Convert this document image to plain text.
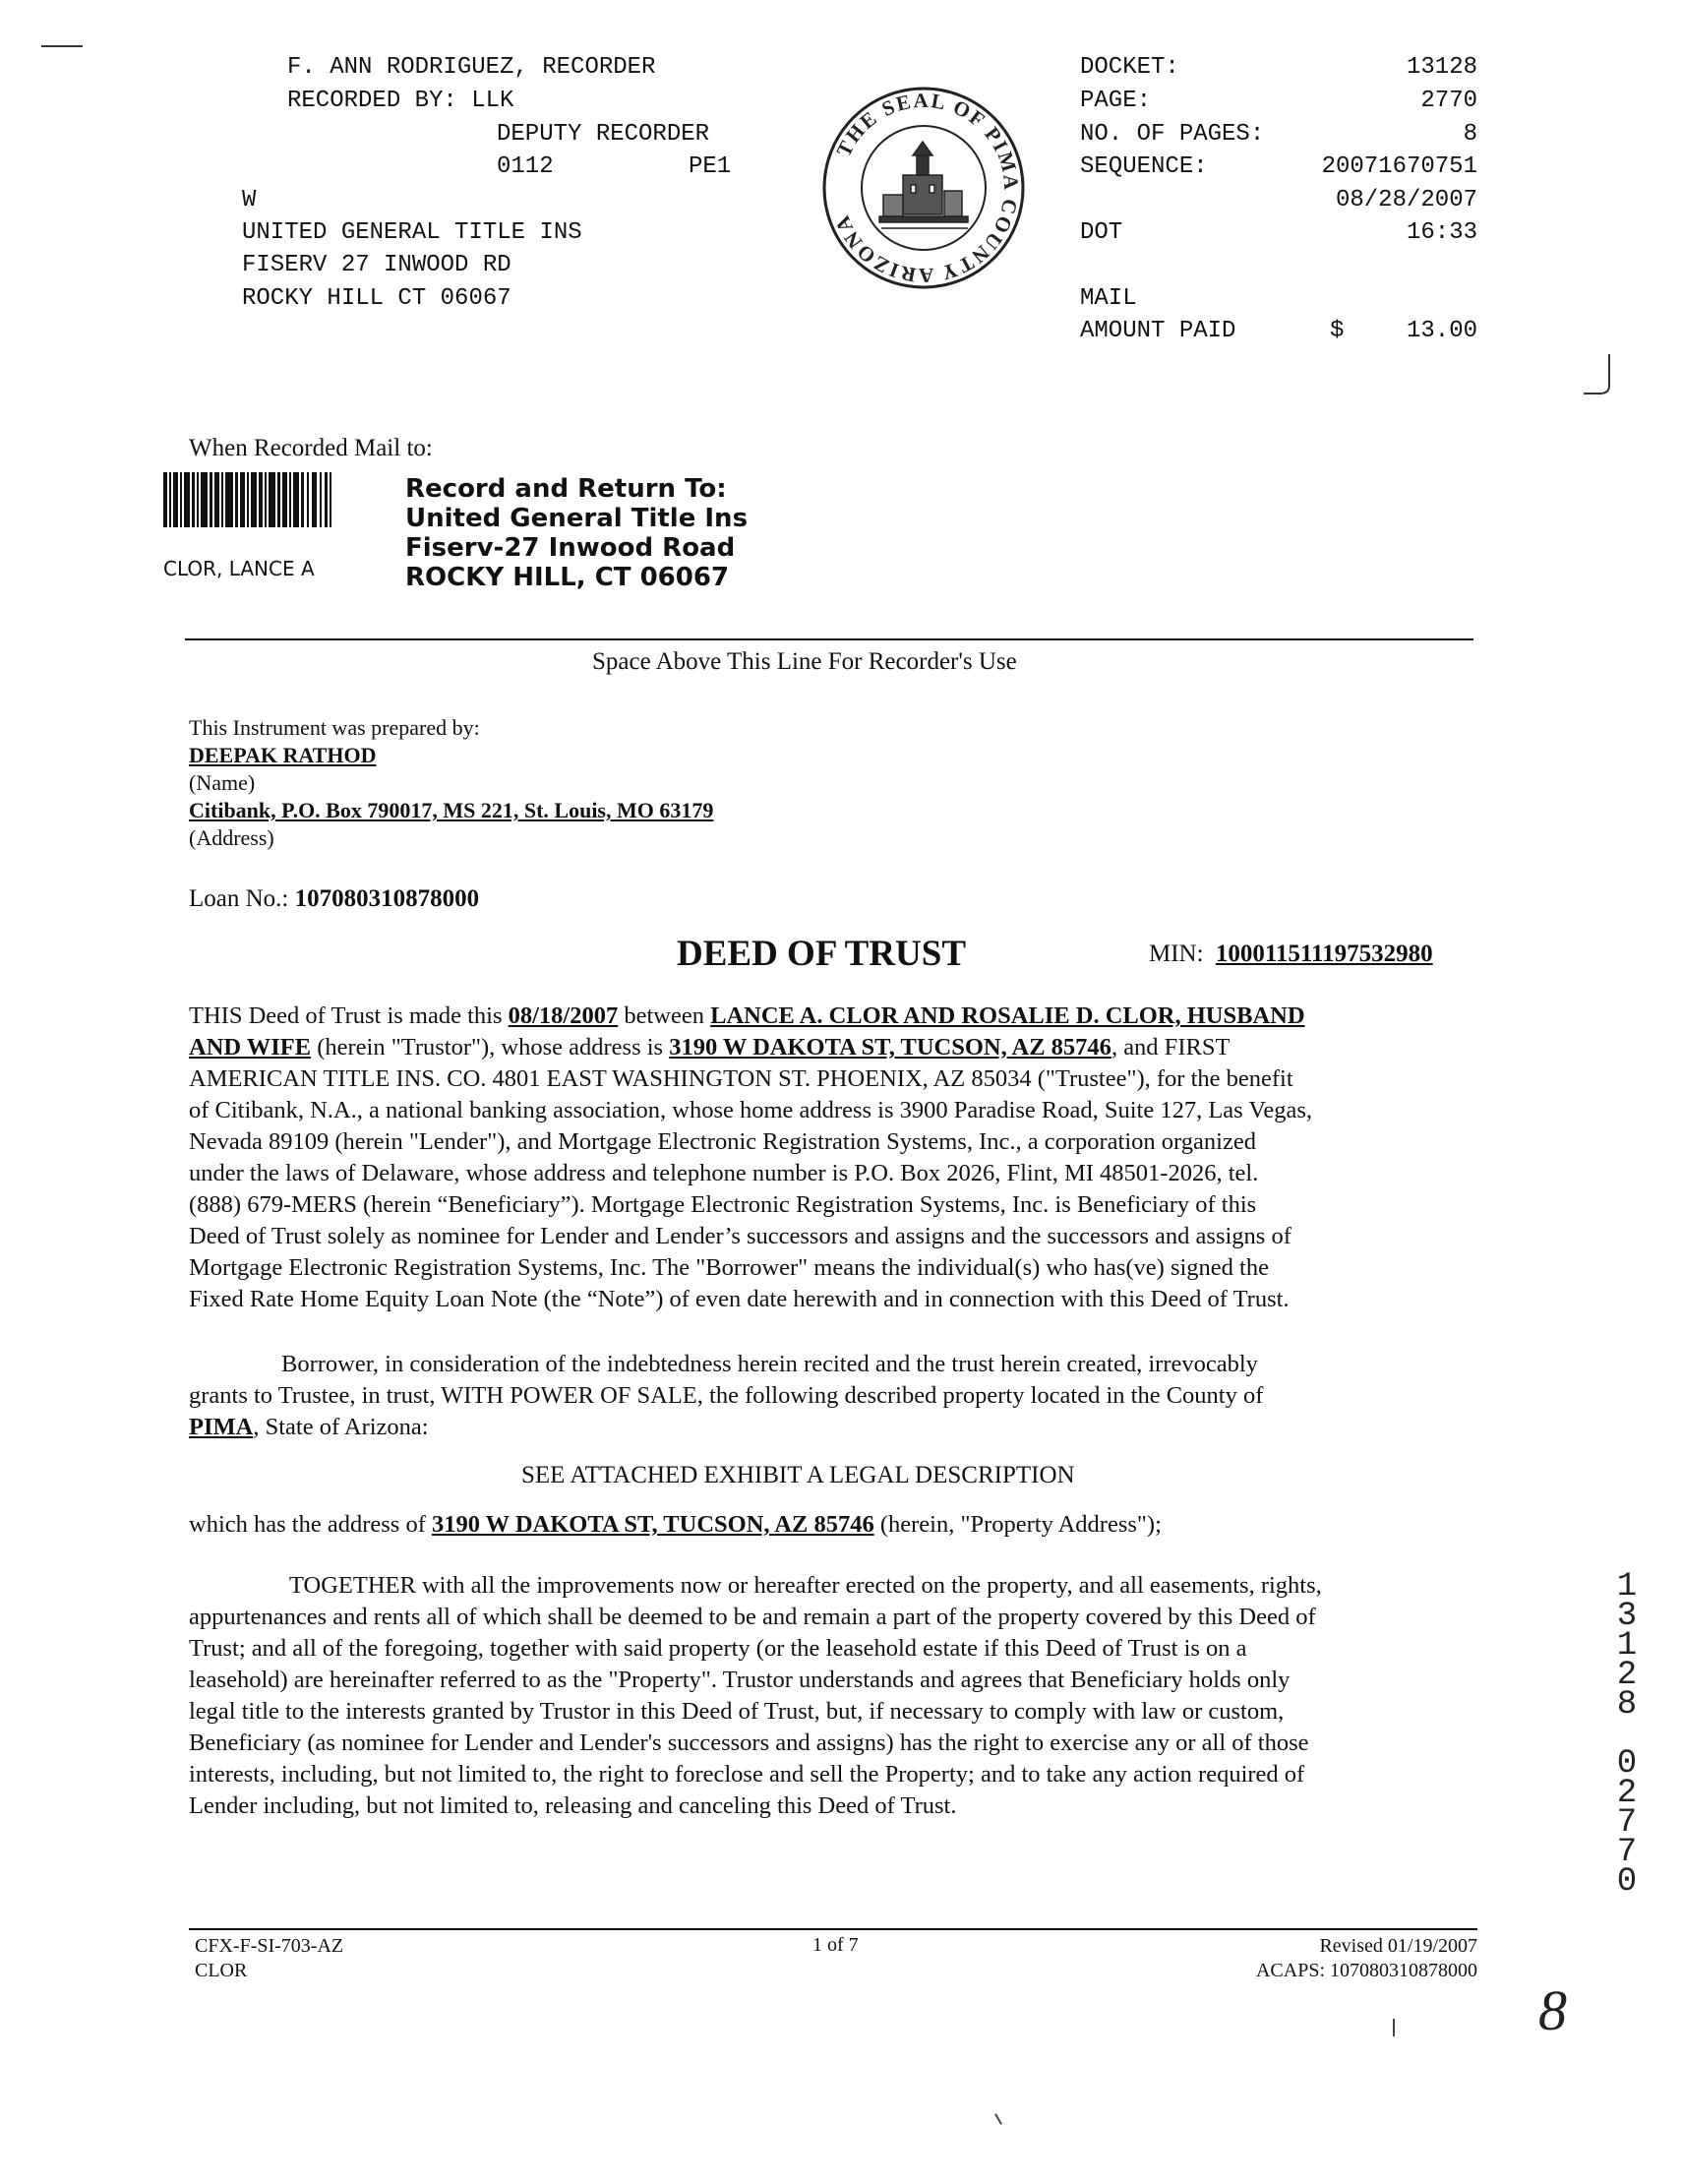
F. ANN RODRIGUEZ, RECORDER
RECORDED BY: LLK
DEPUTY RECORDER
0112	PE1
W
UNITED GENERAL TITLE INS
FISERV 27 INWOOD RD
ROCKY HILL CT 06067
THE SEAL OF PIMA COUNTY ARIZONA
DOCKET:	13128
PAGE:	2770
NO. OF PAGES:	8
SEQUENCE:	20071670751
08/28/2007
DOT	16:33
MAIL
AMOUNT PAID	$	13.00
When Recorded Mail to:
CLOR, LANCE A
Record and Return To:
United General Title Ins
Fiserv-27 Inwood Road
ROCKY HILL, CT 06067
Space Above This Line For Recorder's Use
This Instrument was prepared by:
DEEPAK RATHOD
(Name)
Citibank, P.O. Box 790017, MS 221, St. Louis, MO 63179
(Address)
Loan No.: 107080310878000
DEED OF TRUST	MIN: 100011511197532980
THIS Deed of Trust is made this 08/18/2007 between LANCE A. CLOR AND ROSALIE D. CLOR, HUSBAND
AND WIFE (herein "Trustor"), whose address is 3190 W DAKOTA ST, TUCSON, AZ 85746, and FIRST
AMERICAN TITLE INS. CO. 4801 EAST WASHINGTON ST. PHOENIX, AZ 85034 ("Trustee"), for the benefit
of Citibank, N.A., a national banking association, whose home address is 3900 Paradise Road, Suite 127, Las Vegas,
Nevada 89109 (herein "Lender"), and Mortgage Electronic Registration Systems, Inc., a corporation organized
under the laws of Delaware, whose address and telephone number is P.O. Box 2026, Flint, MI 48501-2026, tel.
(888) 679-MERS (herein “Beneficiary”). Mortgage Electronic Registration Systems, Inc. is Beneficiary of this
Deed of Trust solely as nominee for Lender and Lender’s successors and assigns and the successors and assigns of
Mortgage Electronic Registration Systems, Inc. The "Borrower" means the individual(s) who has(ve) signed the
Fixed Rate Home Equity Loan Note (the “Note”) of even date herewith and in connection with this Deed of Trust.
Borrower, in consideration of the indebtedness herein recited and the trust herein created, irrevocably
grants to Trustee, in trust, WITH POWER OF SALE, the following described property located in the County of
PIMA, State of Arizona:
SEE ATTACHED EXHIBIT A LEGAL DESCRIPTION
which has the address of 3190 W DAKOTA ST, TUCSON, AZ 85746 (herein, "Property Address");
TOGETHER with all the improvements now or hereafter erected on the property, and all easements, rights,
appurtenances and rents all of which shall be deemed to be and remain a part of the property covered by this Deed of
Trust; and all of the foregoing, together with said property (or the leasehold estate if this Deed of Trust is on a
leasehold) are hereinafter referred to as the "Property". Trustor understands and agrees that Beneficiary holds only
legal title to the interests granted by Trustor in this Deed of Trust, but, if necessary to comply with law or custom,
Beneficiary (as nominee for Lender and Lender's successors and assigns) has the right to exercise any or all of those
interests, including, but not limited to, the right to foreclose and sell the Property; and to take any action required of
Lender including, but not limited to, releasing and canceling this Deed of Trust.
1
3
1
2
8

0
2
7
7
0
CFX-F-SI-703-AZ
CLOR
1 of 7	Revised 01/19/2007
ACAPS: 107080310878000
8
